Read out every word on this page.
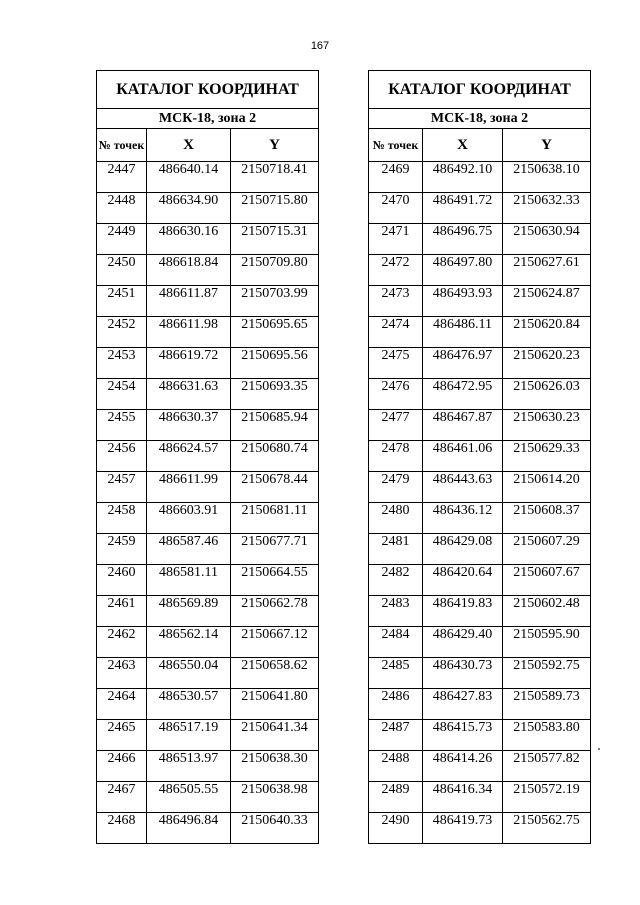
167
КАТАЛОГ КООРДИНАТ		
МСК-18, зона 2		
№ точек	X	Y
2447	486640.14	2150718.41
2448	486634.90	2150715.80
2449	486630.16	2150715.31
2450	486618.84	2150709.80
2451	486611.87	2150703.99
2452	486611.98	2150695.65
2453	486619.72	2150695.56
2454	486631.63	2150693.35
2455	486630.37	2150685.94
2456	486624.57	2150680.74
2457	486611.99	2150678.44
2458	486603.91	2150681.11
2459	486587.46	2150677.71
2460	486581.11	2150664.55
2461	486569.89	2150662.78
2462	486562.14	2150667.12
2463	486550.04	2150658.62
2464	486530.57	2150641.80
2465	486517.19	2150641.34
2466	486513.97	2150638.30
2467	486505.55	2150638.98
2468	486496.84	2150640.33
КАТАЛОГ КООРДИНАТ		
МСК-18, зона 2		
№ точек	X	Y
2469	486492.10	2150638.10
2470	486491.72	2150632.33
2471	486496.75	2150630.94
2472	486497.80	2150627.61
2473	486493.93	2150624.87
2474	486486.11	2150620.84
2475	486476.97	2150620.23
2476	486472.95	2150626.03
2477	486467.87	2150630.23
2478	486461.06	2150629.33
2479	486443.63	2150614.20
2480	486436.12	2150608.37
2481	486429.08	2150607.29
2482	486420.64	2150607.67
2483	486419.83	2150602.48
2484	486429.40	2150595.90
2485	486430.73	2150592.75
2486	486427.83	2150589.73
2487	486415.73	2150583.80
2488	486414.26	2150577.82
2489	486416.34	2150572.19
2490	486419.73	2150562.75
